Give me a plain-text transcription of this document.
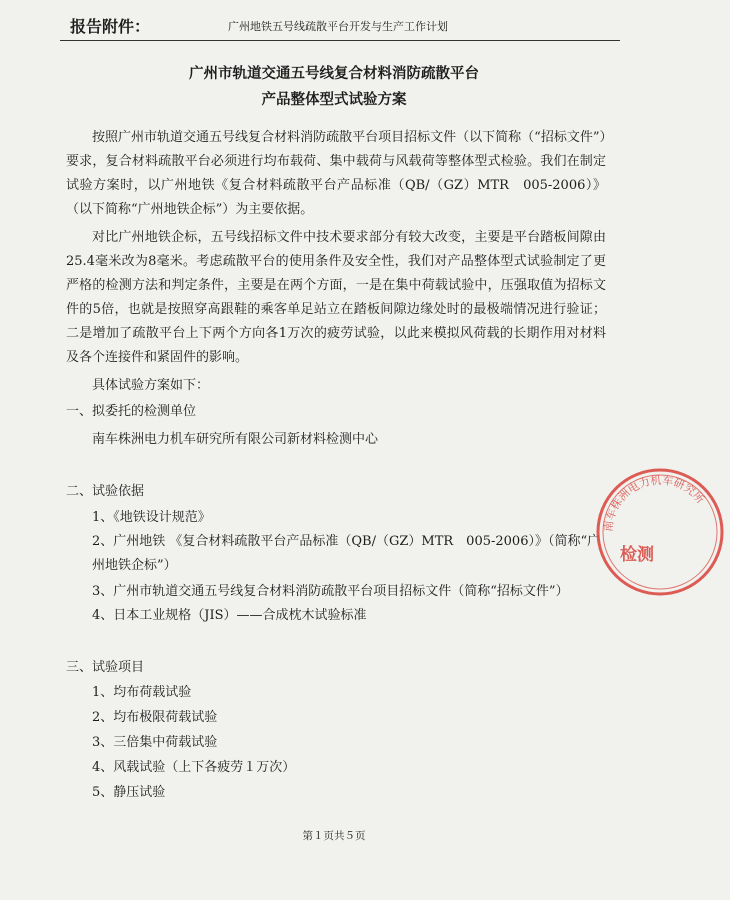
报告附件：	广州地铁五号线疏散平台开发与生产工作计划
广州市轨道交通五号线复合材料消防疏散平台
产品整体型式试验方案
按照广州市轨道交通五号线复合材料消防疏散平台项目招标文件（以下简称（“招标文件”）要求，复合材料疏散平台必须进行均布载荷、集中载荷与风载荷等整体型式检验。我们在制定试验方案时，以广州地铁《复合材料疏散平台产品标准（QB/（GZ）MTR　005-2006）》（以下简称“广州地铁企标”）为主要依据。
对比广州地铁企标，五号线招标文件中技术要求部分有较大改变，主要是平台踏板间隙由25.4毫米改为8毫米。考虑疏散平台的使用条件及安全性，我们对产品整体型式试验制定了更严格的检测方法和判定条件，主要是在两个方面，一是在集中荷载试验中，压强取值为招标文件的5倍，也就是按照穿高跟鞋的乘客单足站立在踏板间隙边缘处时的最极端情况进行验证；二是增加了疏散平台上下两个方向各1万次的疲劳试验，以此来模拟风荷载的长期作用对材料及各个连接件和紧固件的影响。
具体试验方案如下：
一、拟委托的检测单位
南车株洲电力机车研究所有限公司新材料检测中心
二、试验依据
1、《地铁设计规范》
2、广州地铁 《复合材料疏散平台产品标准（QB/（GZ）MTR　005-2006）》（简称“广州地铁企标”）
3、广州市轨道交通五号线复合材料消防疏散平台项目招标文件（简称“招标文件”）
4、日本工业规格（JIS）——合成枕木试验标准
三、试验项目
1、均布荷载试验
2、均布极限荷载试验
3、三倍集中荷载试验
4、风载试验（上下各疲劳１万次）
5、静压试验
第１页共５页
南车株洲电力机车研究所
检测
